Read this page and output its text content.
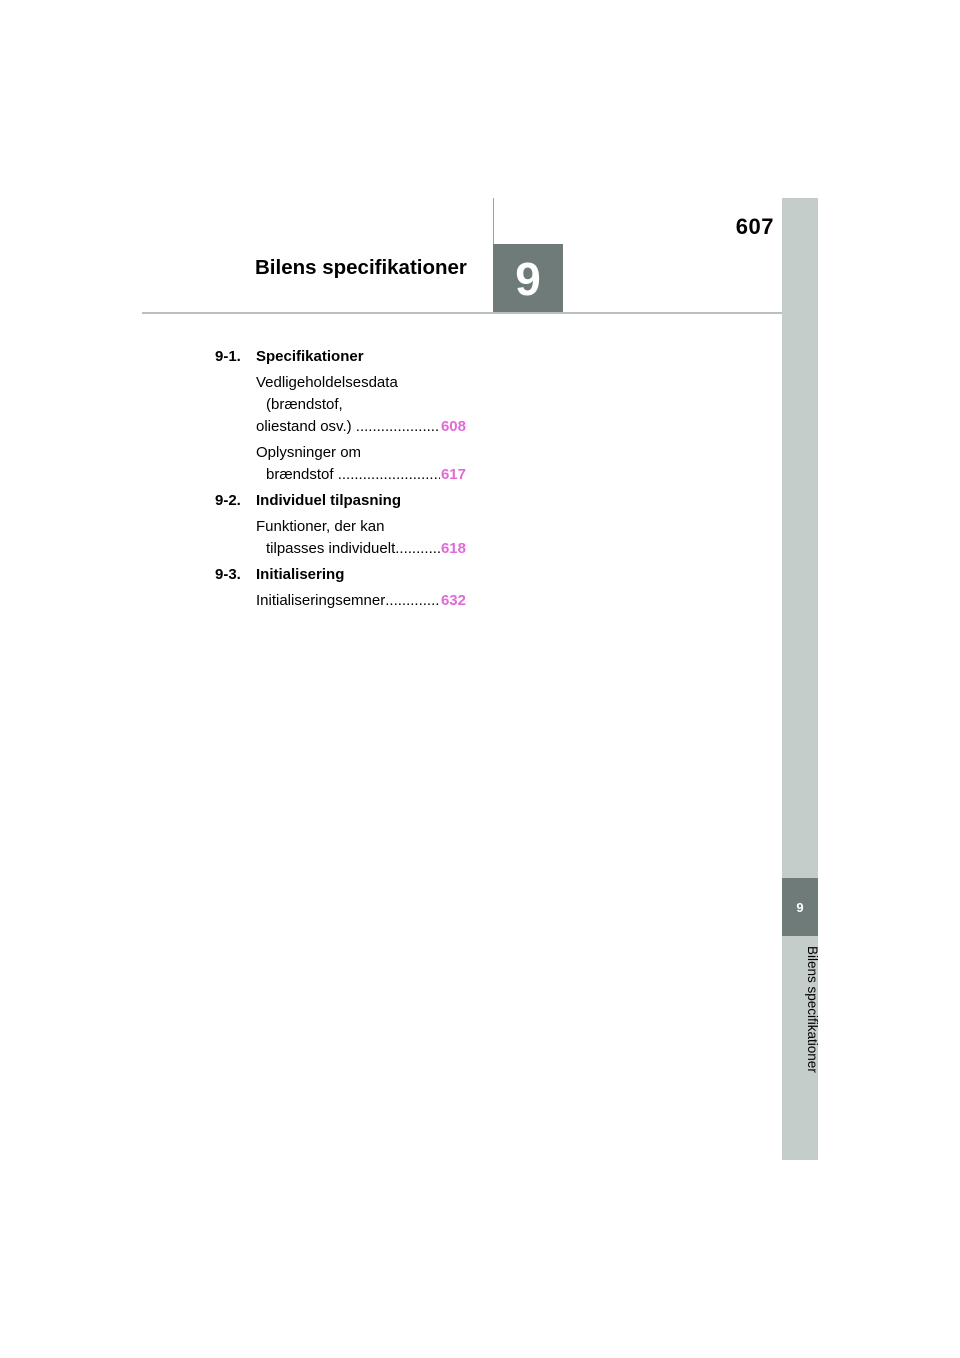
607
Bilens specifikationer	9
9
Bilens specifikationer
9-1.	Specifikationer
Vedligeholdelsesdata
(brændstof,
oliestand osv.) .....	608
Oplysninger om
brændstof .....	617
9-2.	Individuel tilpasning
Funktioner, der kan
tilpasses individuelt .....	618
9-3.	Initialisering
Initialiseringsemner .....	632
